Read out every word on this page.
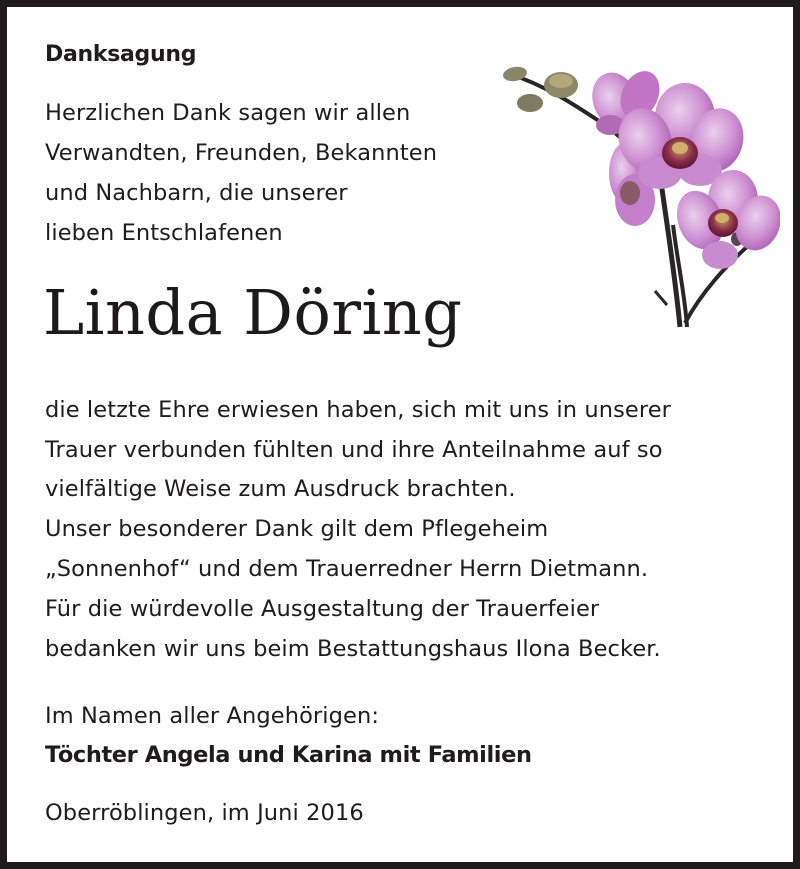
Danksagung
Herzlichen Dank sagen wir allen
Verwandten, Freunden, Bekannten
und Nachbarn, die unserer
lieben Entschlafenen
Linda Döring
die letzte Ehre erwiesen haben, sich mit uns in unserer
Trauer verbunden fühlten und ihre Anteilnahme auf so
vielfältige Weise zum Ausdruck brachten.
Unser besonderer Dank gilt dem Pflegeheim
„Sonnenhof“ und dem Trauerredner Herrn Dietmann.
Für die würdevolle Ausgestaltung der Trauerfeier
bedanken wir uns beim Bestattungshaus Ilona Becker.
Im Namen aller Angehörigen:
Töchter Angela und Karina mit Familien
Oberröblingen, im Juni 2016
